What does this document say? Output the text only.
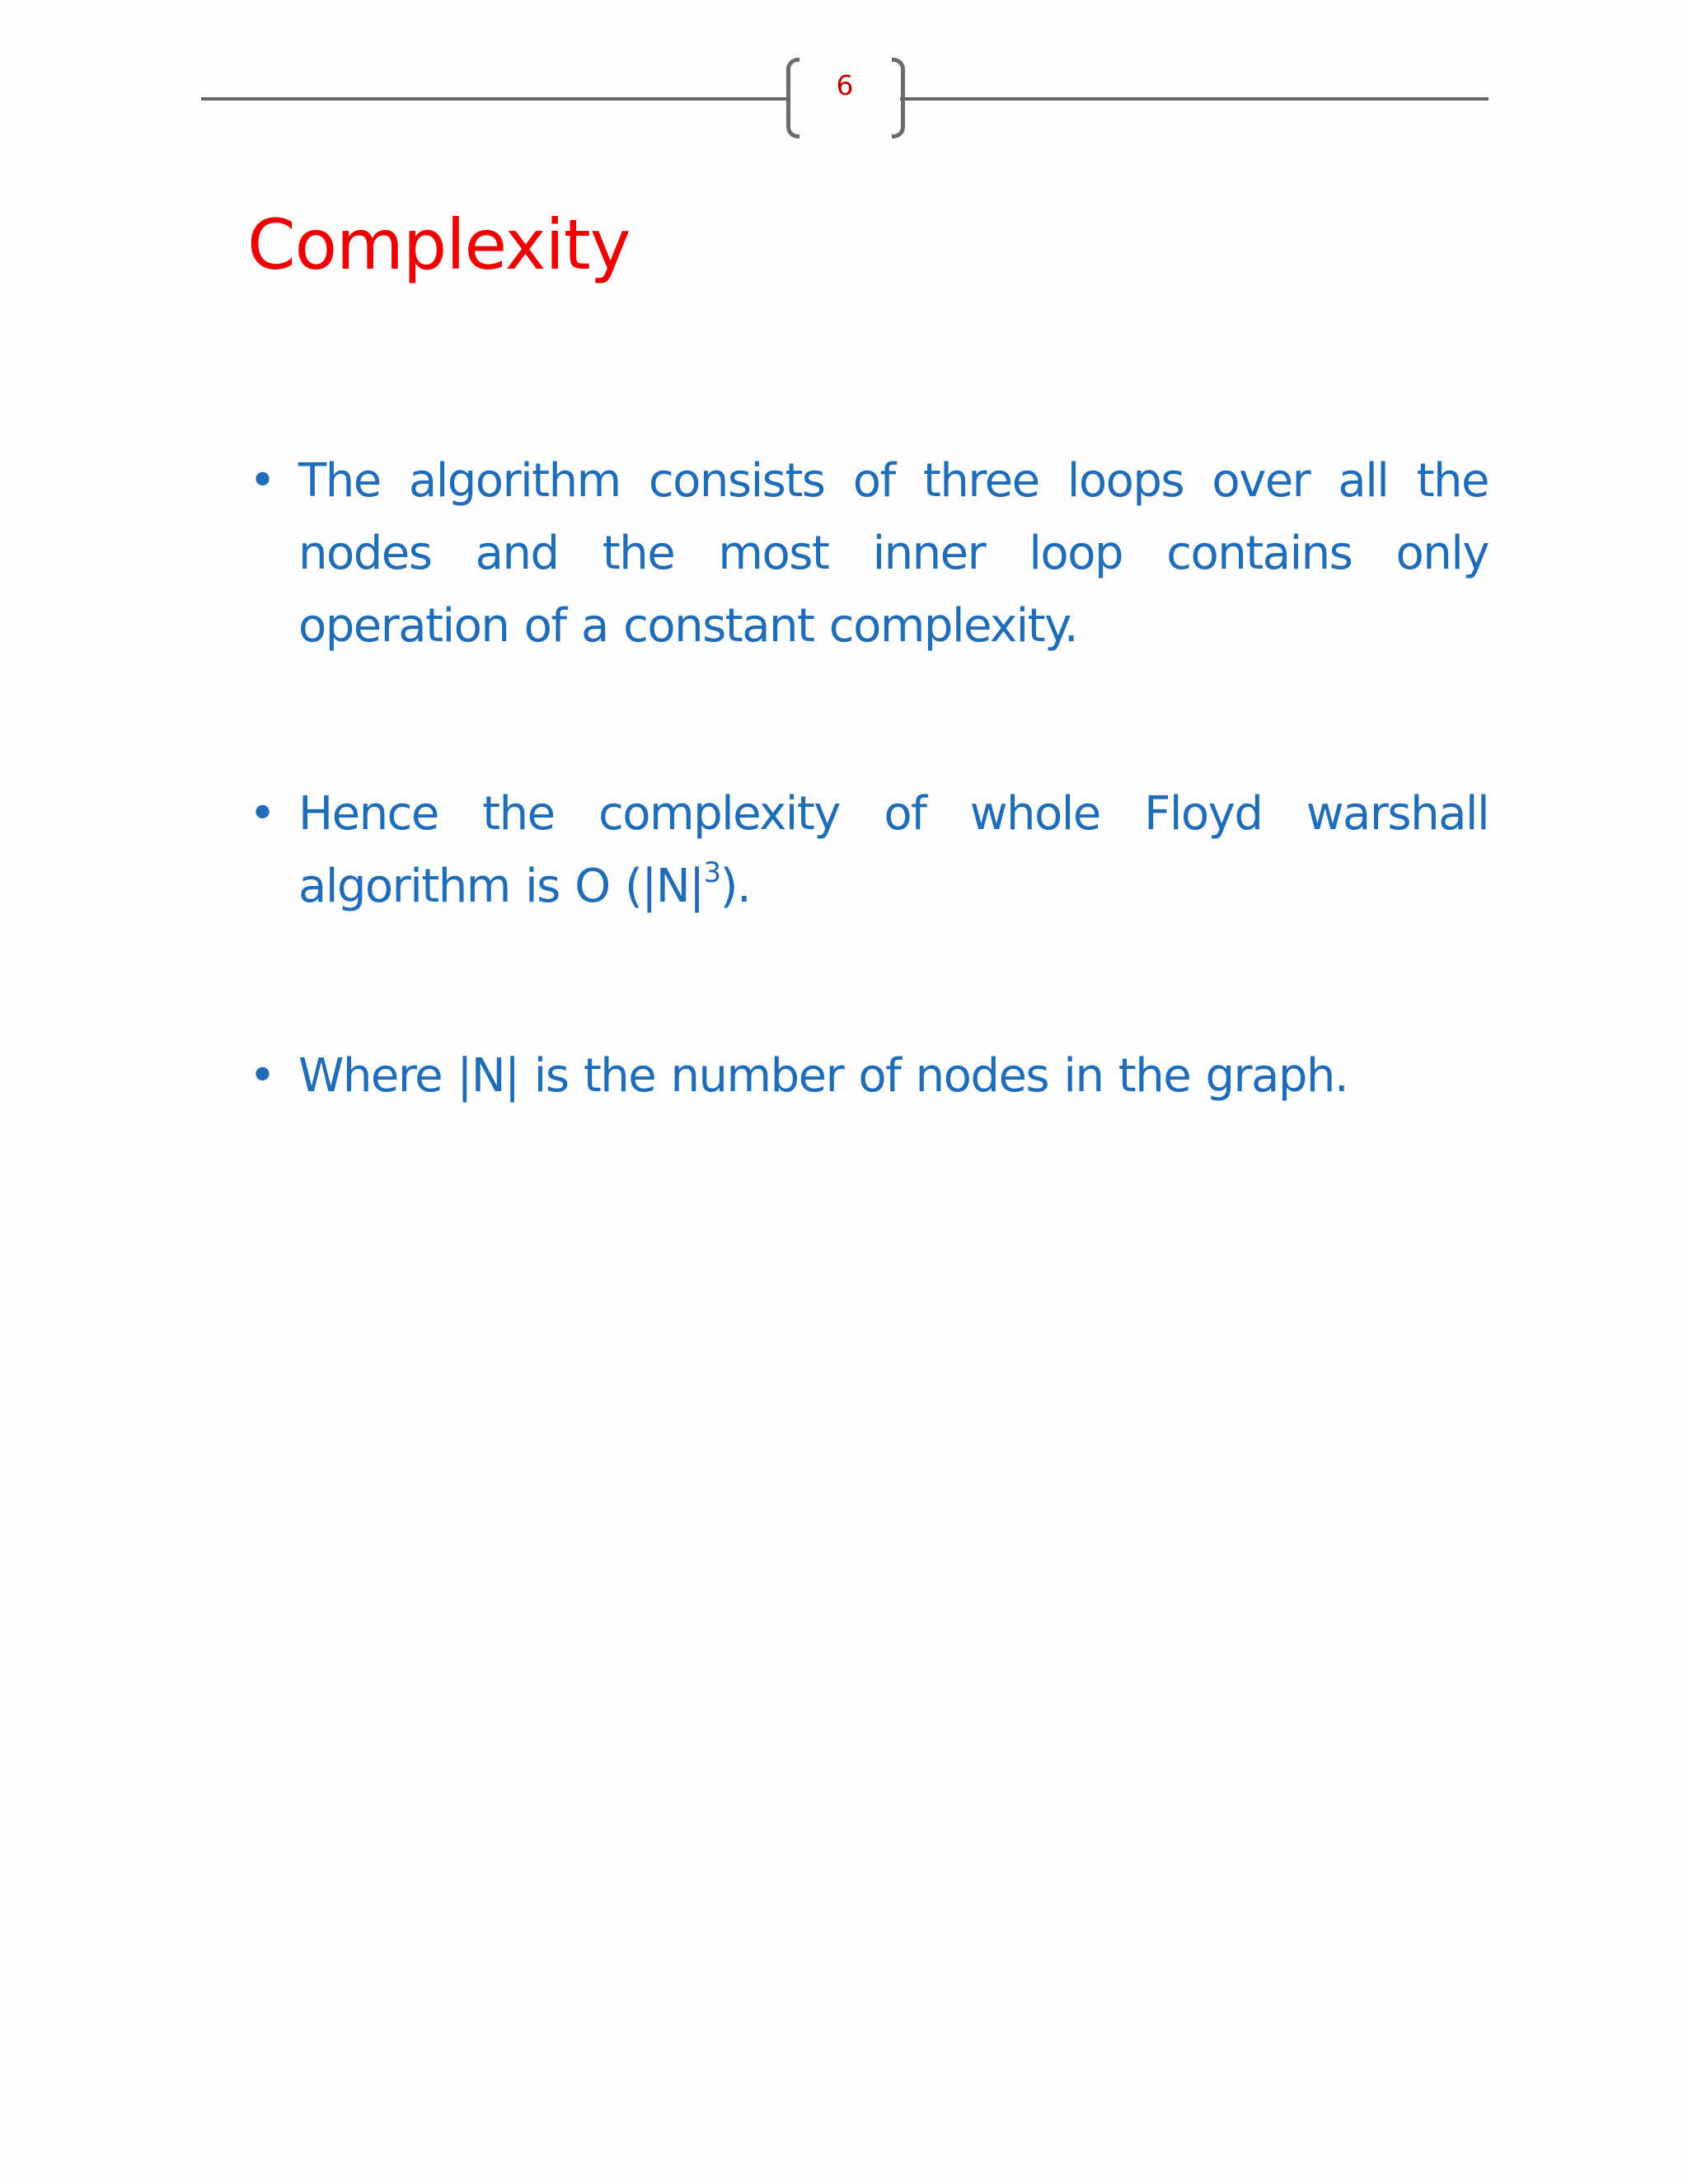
6
Complexity
• The algorithm consists of three loops over all the nodes and the most inner loop contains only operation of a constant complexity.
• Hence the complexity of whole Floyd warshall algorithm is O $(|N|^3)$.
• Where |N| is the number of nodes in the graph.
